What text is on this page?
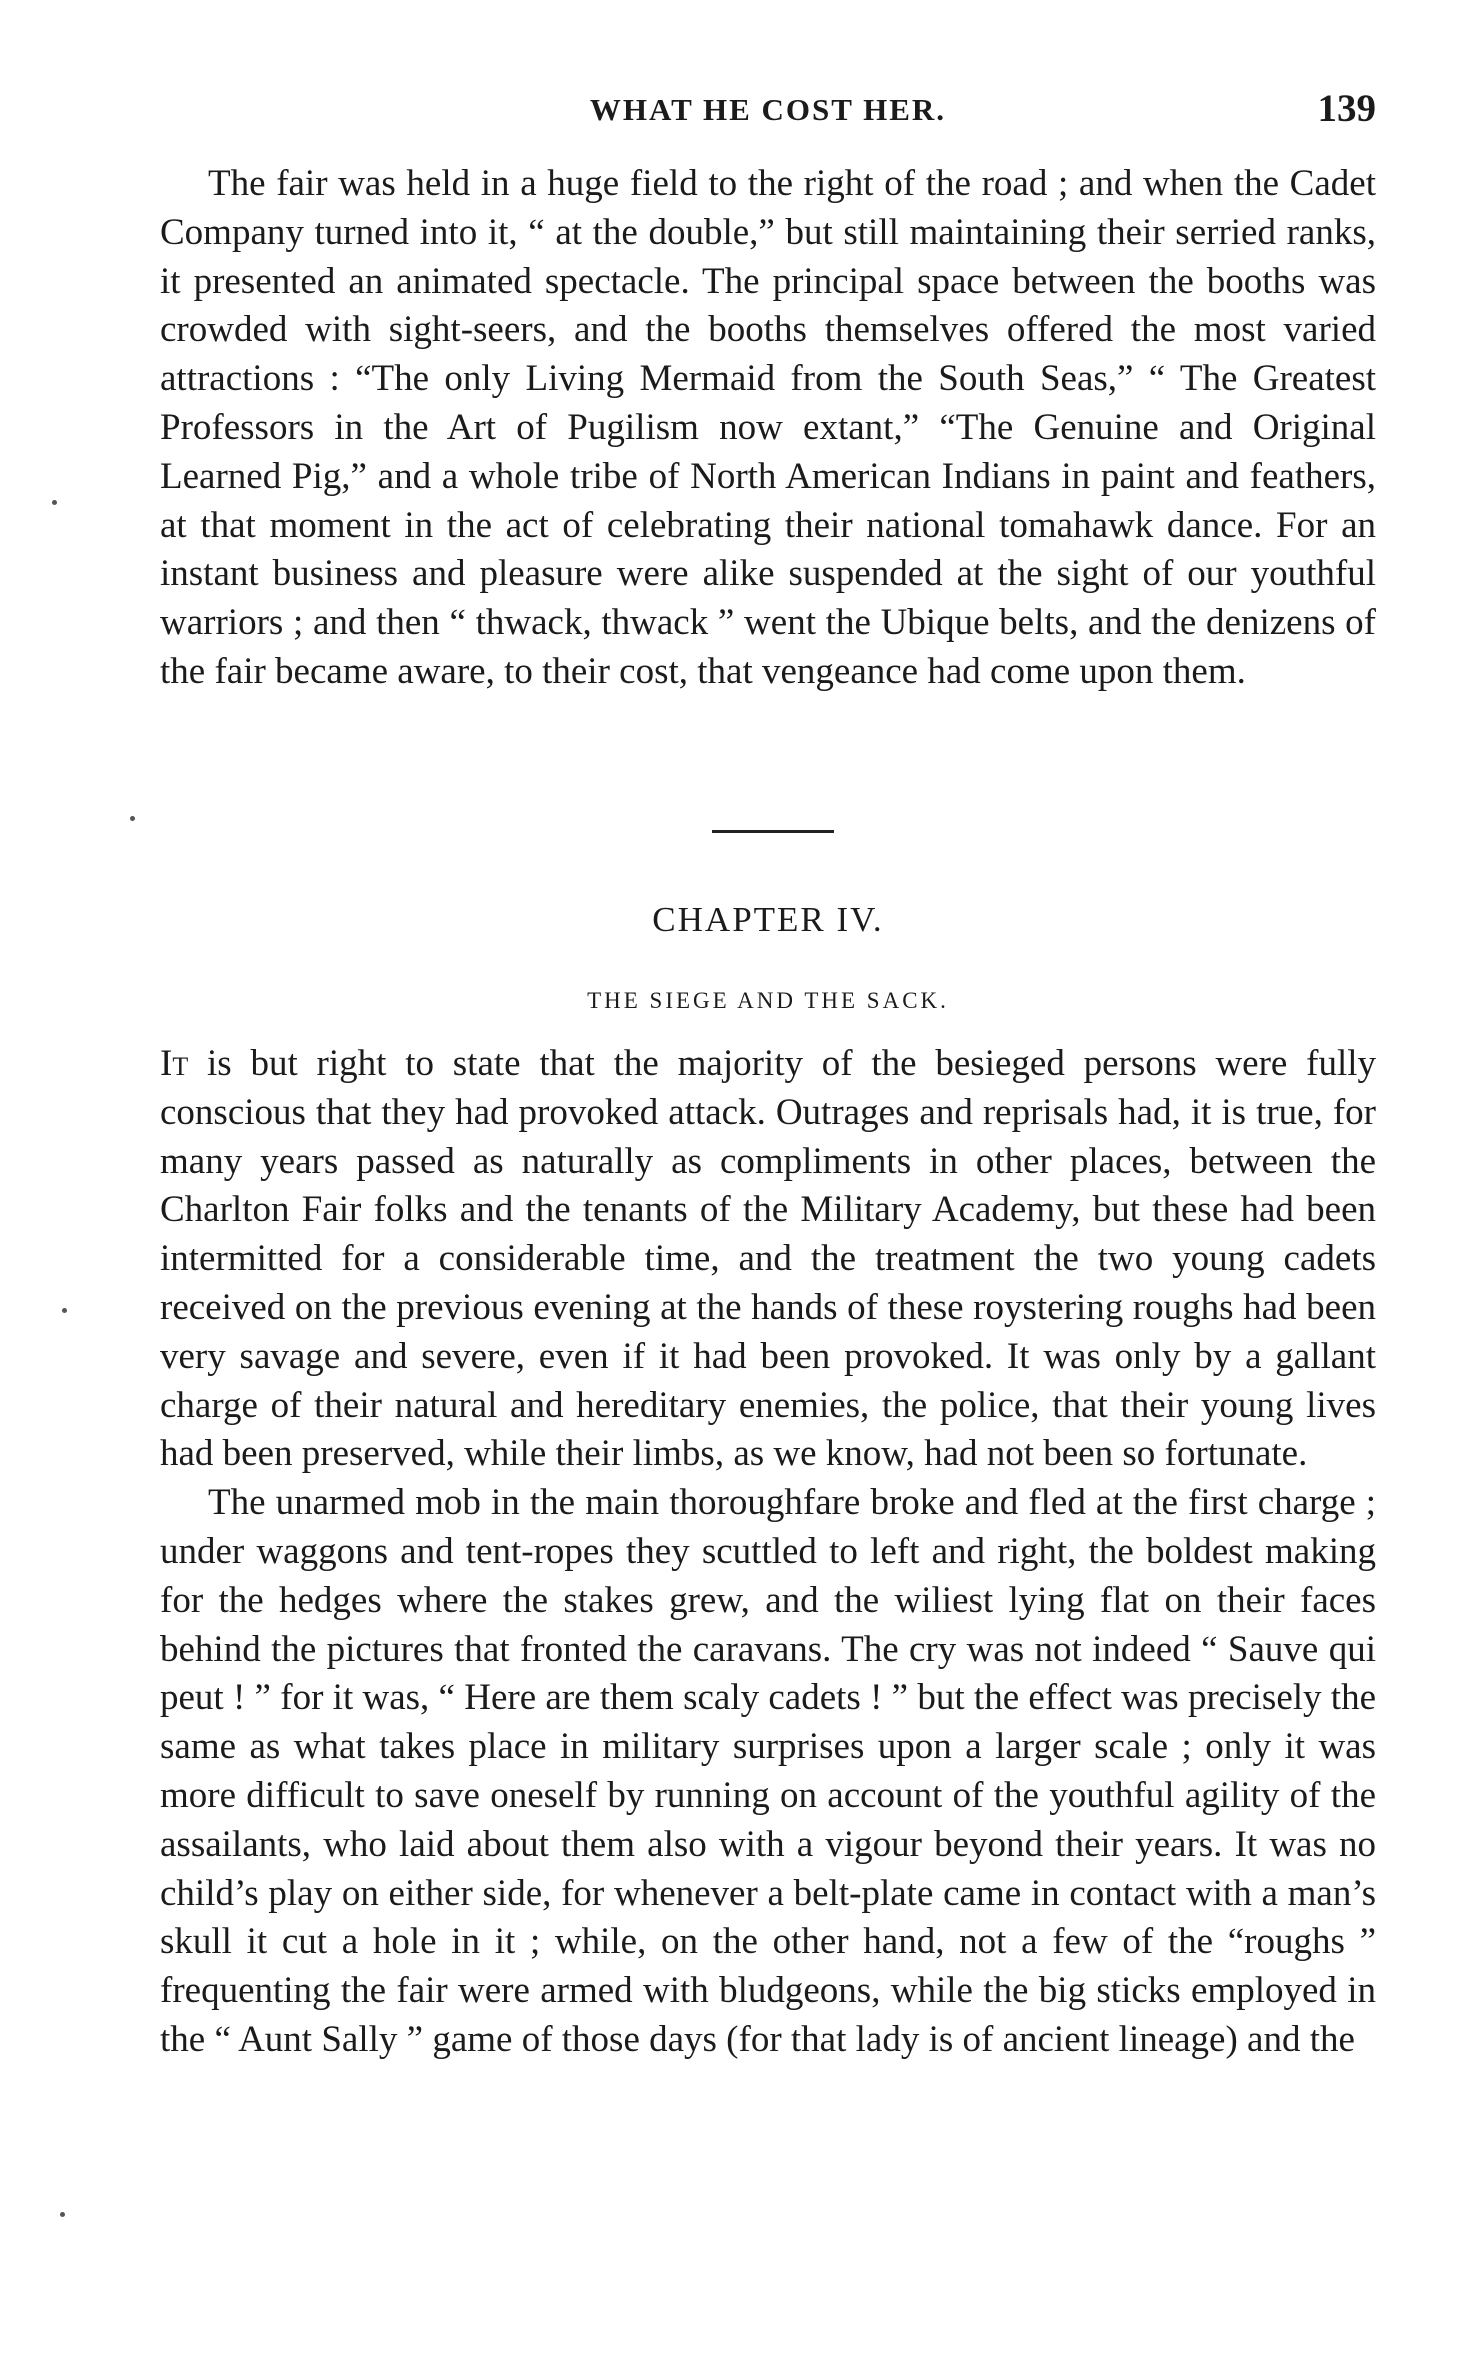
WHAT HE COST HER.	139

The fair was held in a huge field to the right of the road ; and when the Cadet Company turned into it, “ at the double,” but still maintaining their serried ranks, it presented an animated spectacle. The principal space between the booths was crowded with sight-seers, and the booths themselves offered the most varied attractions : “The only Living Mermaid from the South Seas,” “ The Greatest Professors in the Art of Pugilism now extant,” “The Genuine and Original Learned Pig,” and a whole tribe of North American Indians in paint and feathers, at that moment in the act of celebrating their national tomahawk dance. For an instant business and pleasure were alike suspended at the sight of our youthful warriors ; and then “ thwack, thwack ” went the Ubique belts, and the denizens of the fair became aware, to their cost, that vengeance had come upon them.

CHAPTER IV.
THE SIEGE AND THE SACK.

It is but right to state that the majority of the besieged persons were fully conscious that they had provoked attack. Outrages and reprisals had, it is true, for many years passed as naturally as compliments in other places, between the Charlton Fair folks and the tenants of the Military Academy, but these had been intermitted for a considerable time, and the treatment the two young cadets received on the previous evening at the hands of these roystering roughs had been very savage and severe, even if it had been provoked. It was only by a gallant charge of their natural and hereditary enemies, the police, that their young lives had been preserved, while their limbs, as we know, had not been so fortunate.

The unarmed mob in the main thoroughfare broke and fled at the first charge ; under waggons and tent-ropes they scuttled to left and right, the boldest making for the hedges where the stakes grew, and the wiliest lying flat on their faces behind the pictures that fronted the caravans. The cry was not indeed “ Sauve qui peut ! ” for it was, “ Here are them scaly cadets ! ” but the effect was precisely the same as what takes place in military surprises upon a larger scale ; only it was more difficult to save oneself by running on account of the youthful agility of the assailants, who laid about them also with a vigour beyond their years. It was no child’s play on either side, for whenever a belt-plate came in contact with a man’s skull it cut a hole in it ; while, on the other hand, not a few of the “roughs ” frequenting the fair were armed with bludgeons, while the big sticks employed in the “ Aunt Sally ” game of those days (for that lady is of ancient lineage) and the
